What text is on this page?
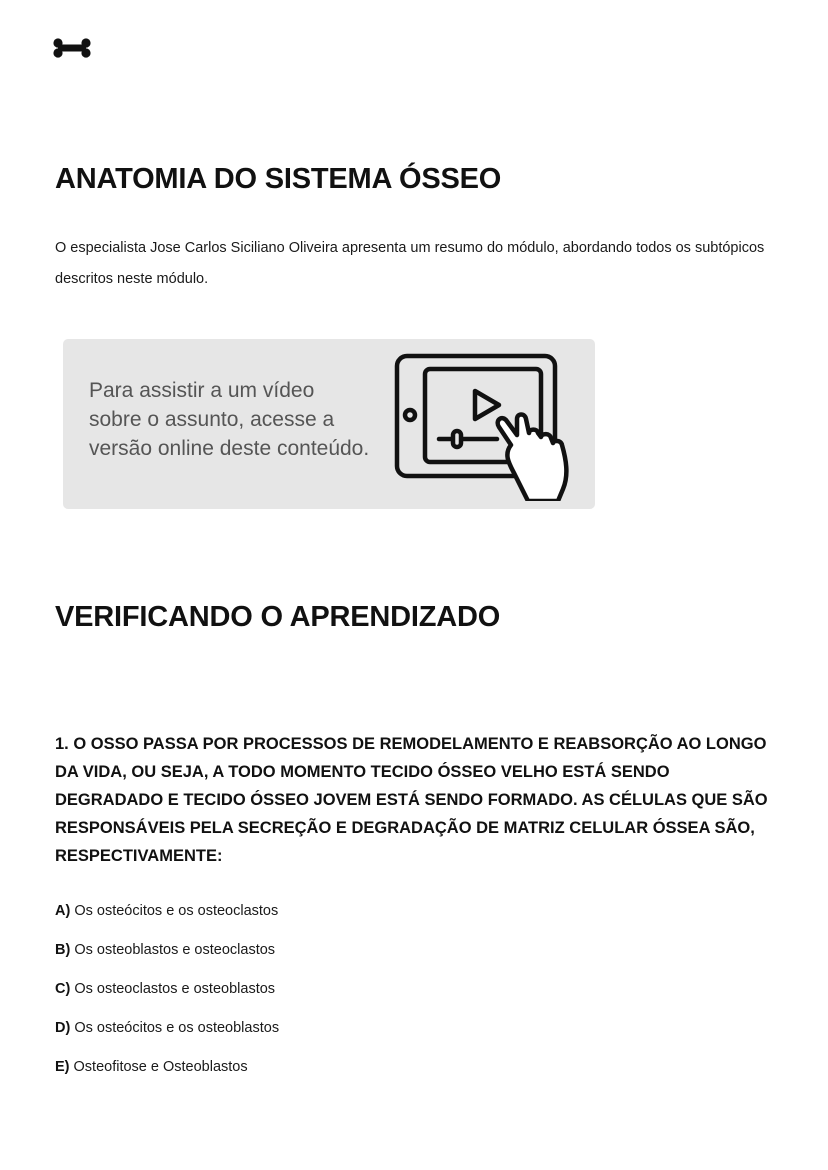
ANATOMIA DO SISTEMA ÓSSEO

O especialista Jose Carlos Siciliano Oliveira apresenta um resumo do módulo, abordando todos os subtópicos descritos neste módulo.

Para assistir a um vídeo
sobre o assunto, acesse a
versão online deste conteúdo.

VERIFICANDO O APRENDIZADO

1. O OSSO PASSA POR PROCESSOS DE REMODELAMENTO E REABSORÇÃO AO LONGO DA VIDA, OU SEJA, A TODO MOMENTO TECIDO ÓSSEO VELHO ESTÁ SENDO DEGRADADO E TECIDO ÓSSEO JOVEM ESTÁ SENDO FORMADO. AS CÉLULAS QUE SÃO RESPONSÁVEIS PELA SECREÇÃO E DEGRADAÇÃO DE MATRIZ CELULAR ÓSSEA SÃO, RESPECTIVAMENTE:

A) Os osteócitos e os osteoclastos
B) Os osteoblastos e osteoclastos
C) Os osteoclastos e osteoblastos
D) Os osteócitos e os osteoblastos
E) Osteofitose e Osteoblastos
